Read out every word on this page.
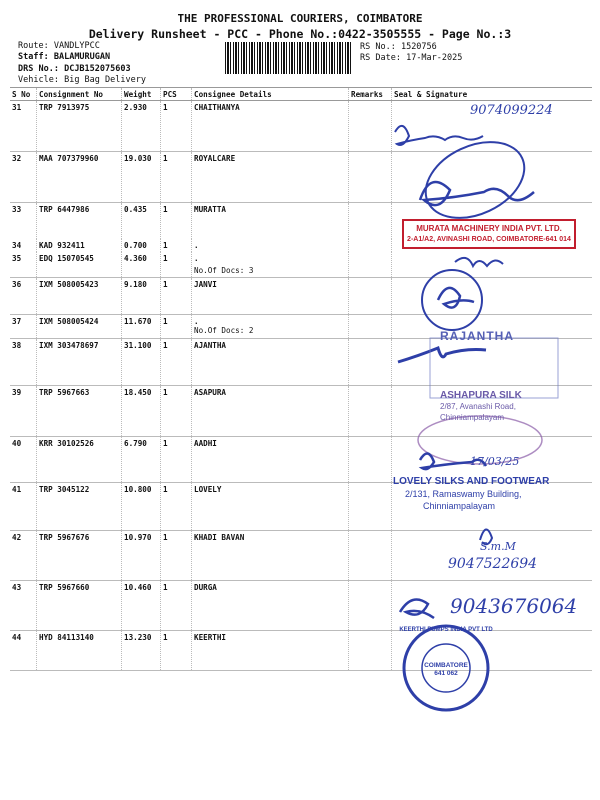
THE PROFESSIONAL COURIERS, COIMBATORE
Delivery Runsheet - PCC - Phone No.:0422-3505555 - Page No.:3
Route: VANDLYPCC
Staff: BALAMURUGAN
DRS No.: DCJB152075603
Vehicle: Big Bag Delivery
RS No.: 1520756
RS Date: 17-Mar-2025
S No	Consignment No	Weight	PCS	Consignee Details	Remarks	Seal & Signature
31	TRP 7913975	2.930	1	CHAITHANYA		
32	MAA 707379960	19.030	1	ROYALCARE		
33	TRP 6447986	0.435	1	MURATTA		
34	KAD 932411	0.700	1	.		
35	EDQ 15070545	4.360	1	.
No.Of Docs: 3		

36	IXM 508005423	9.180	1	JANVI		
37	IXM 508005424	11.670	1	.
No.Of Docs: 2		

38	IXM 303478697	31.100	1	AJANTHA		
39	TRP 5967663	18.450	1	ASAPURA		
40	KRR 30102526	6.790	1	AADHI		
41	TRP 3045122	10.800	1	LOVELY		
42	TRP 5967676	10.970	1	KHADI BAVAN		
43	TRP 5967660	10.460	1	DURGA		
44	HYD 84113140	13.230	1	KEERTHI		
9074099224
MURATA MACHINERY INDIA PVT. LTD.
2-A1/A2, AVINASHI ROAD, COIMBATORE-641 014
RAJANTHA
ASHAPURA SILK
2/87, Avanashi Road,
Chinniampalayam
17/03/25
LOVELY SILKS AND FOOTWEAR
2/131, Ramaswamy Building,
Chinniampalayam
S.m.M
9047522694
9043676064
KEERTHI PUMPS INDIA PVT LTD
COIMBATORE
641 062
